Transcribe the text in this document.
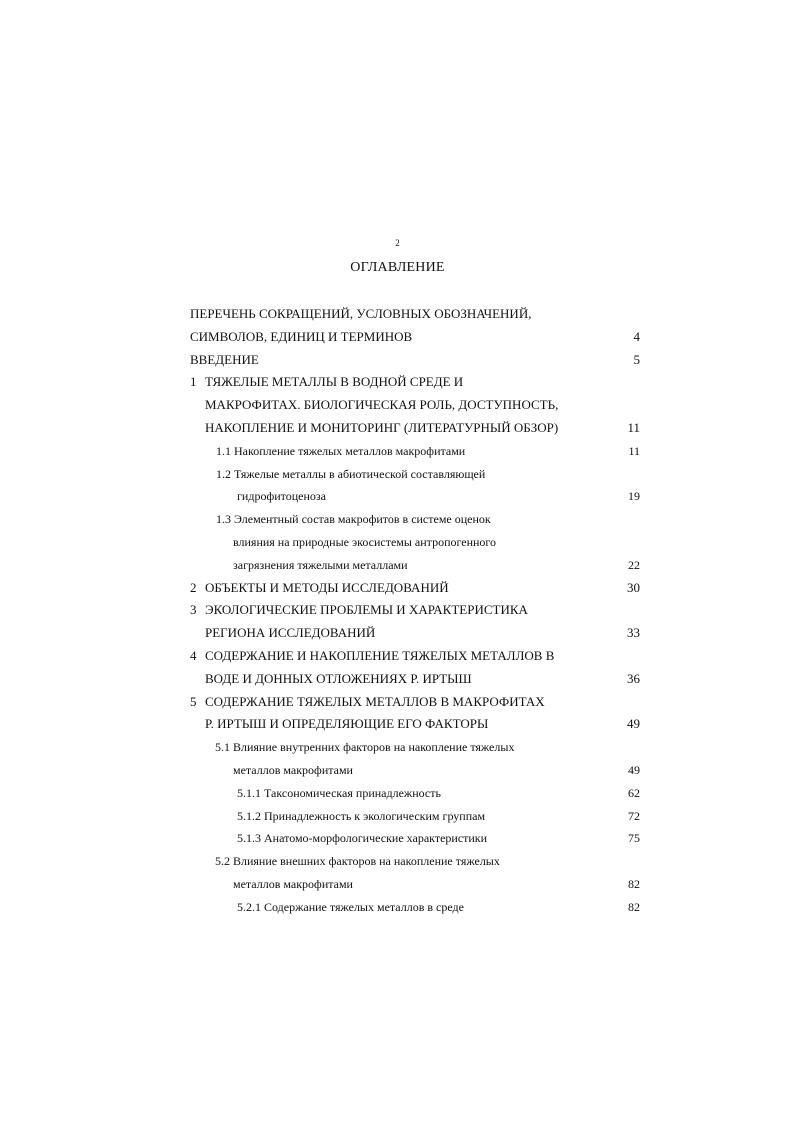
2
ОГЛАВЛЕНИЕ
ПЕРЕЧЕНЬ СОКРАЩЕНИЙ, УСЛОВНЫХ ОБОЗНАЧЕНИЙ,
СИМВОЛОВ, ЕДИНИЦ И ТЕРМИНОВ	4
ВВЕДЕНИЕ	5
1 ТЯЖЕЛЫЕ МЕТАЛЛЫ В ВОДНОЙ СРЕДЕ И
МАКРОФИТАХ. БИОЛОГИЧЕСКАЯ РОЛЬ, ДОСТУПНОСТЬ,
НАКОПЛЕНИЕ И МОНИТОРИНГ (ЛИТЕРАТУРНЫЙ ОБЗОР)	11
1.1 Накопление тяжелых металлов макрофитами	11
1.2 Тяжелые металлы в абиотической составляющей
гидрофитоценоза	19
1.3 Элементный состав макрофитов в системе оценок
влияния на природные экосистемы антропогенного
загрязнения тяжелыми металлами	22
2 ОБЪЕКТЫ И МЕТОДЫ ИССЛЕДОВАНИЙ	30
3 ЭКОЛОГИЧЕСКИЕ ПРОБЛЕМЫ И ХАРАКТЕРИСТИКА
РЕГИОНА ИССЛЕДОВАНИЙ	33
4 СОДЕРЖАНИЕ И НАКОПЛЕНИЕ ТЯЖЕЛЫХ МЕТАЛЛОВ В
ВОДЕ И ДОННЫХ ОТЛОЖЕНИЯХ Р. ИРТЫШ	36
5 СОДЕРЖАНИЕ ТЯЖЕЛЫХ МЕТАЛЛОВ В МАКРОФИТАХ
Р. ИРТЫШ И ОПРЕДЕЛЯЮЩИЕ ЕГО ФАКТОРЫ	49
5.1 Влияние внутренних факторов на накопление тяжелых
металлов макрофитами	49
5.1.1 Таксономическая принадлежность	62
5.1.2 Принадлежность к экологическим группам	72
5.1.3 Анатомо-морфологические характеристики	75
5.2 Влияние внешних факторов на накопление тяжелых
металлов макрофитами	82
5.2.1 Содержание тяжелых металлов в среде	82
